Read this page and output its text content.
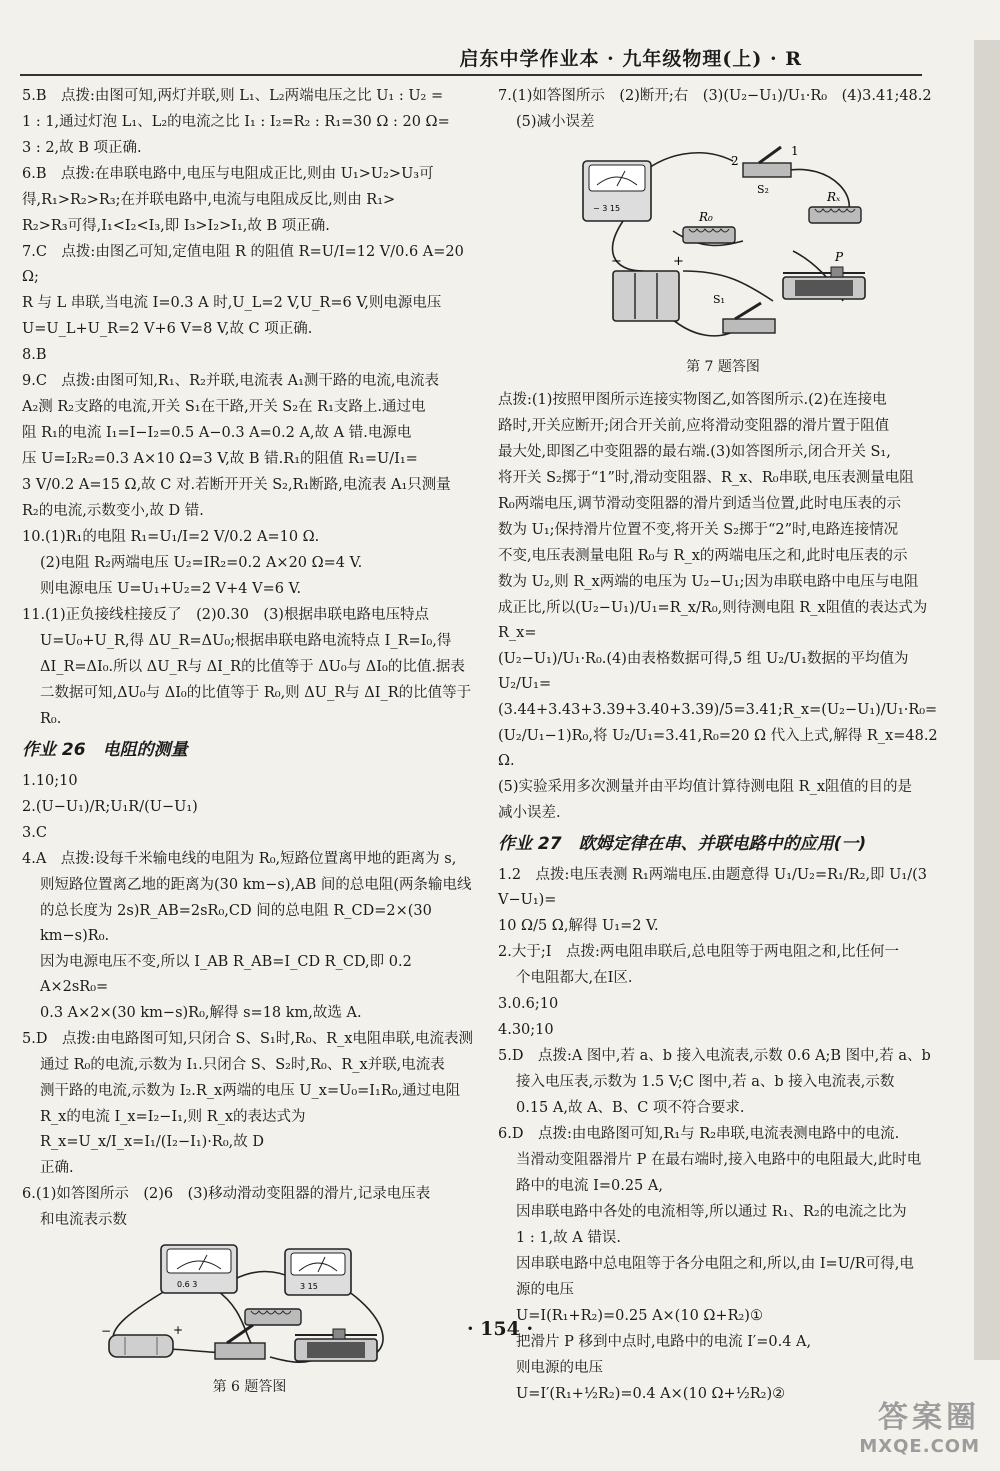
启东中学作业本 · 九年级物理(上) · R

5.B　点拨:由图可知,两灯并联,则 L₁、L₂两端电压之比 U₁ : U₂ =

1 : 1,通过灯泡 L₁、L₂的电流之比 I₁ : I₂=R₂ : R₁=30 Ω : 20 Ω=

3 : 2,故 B 项正确.

6.B　点拨:在串联电路中,电压与电阻成正比,则由 U₁>U₂>U₃可

得,R₁>R₂>R₃;在并联电路中,电流与电阻成反比,则由 R₁>

R₂>R₃可得,I₁<I₂<I₃,即 I₃>I₂>I₁,故 B 项正确.

7.C　点拨:由图乙可知,定值电阻 R 的阻值 R=U/I=12 V/0.6 A=20 Ω;

R 与 L 串联,当电流 I=0.3 A 时,U_L=2 V,U_R=6 V,则电源电压

U=U_L+U_R=2 V+6 V=8 V,故 C 项正确.

8.B

9.C　点拨:由图可知,R₁、R₂并联,电流表 A₁测干路的电流,电流表

A₂测 R₂支路的电流,开关 S₁在干路,开关 S₂在 R₁支路上.通过电

阻 R₁的电流 I₁=I−I₂=0.5 A−0.3 A=0.2 A,故 A 错.电源电

压 U=I₂R₂=0.3 A×10 Ω=3 V,故 B 错.R₁的阻值 R₁=U/I₁=

3 V/0.2 A=15 Ω,故 C 对.若断开开关 S₂,R₁断路,电流表 A₁只测量

R₂的电流,示数变小,故 D 错.

10.(1)R₁的电阻 R₁=U₁/I=2 V/0.2 A=10 Ω.

(2)电阻 R₂两端电压 U₂=IR₂=0.2 A×20 Ω=4 V.

则电源电压 U=U₁+U₂=2 V+4 V=6 V.

11.(1)正负接线柱接反了　(2)0.30　(3)根据串联电路电压特点

U=U₀+U_R,得 ΔU_R=ΔU₀;根据串联电路电流特点 I_R=I₀,得

ΔI_R=ΔI₀.所以 ΔU_R与 ΔI_R的比值等于 ΔU₀与 ΔI₀的比值.据表

二数据可知,ΔU₀与 ΔI₀的比值等于 R₀,则 ΔU_R与 ΔI_R的比值等于

R₀.

作业 26　电阻的测量

1.10;10

2.(U−U₁)/R;U₁R/(U−U₁)

3.C

4.A　点拨:设每千米输电线的电阻为 R₀,短路位置离甲地的距离为 s,

则短路位置离乙地的距离为(30 km−s),AB 间的总电阻(两条输电线

的总长度为 2s)R_AB=2sR₀,CD 间的总电阻 R_CD=2×(30 km−s)R₀.

因为电源电压不变,所以 I_AB R_AB=I_CD R_CD,即 0.2 A×2sR₀=

0.3 A×2×(30 km−s)R₀,解得 s=18 km,故选 A.

5.D　点拨:由电路图可知,只闭合 S、S₁时,R₀、R_x电阻串联,电流表测

通过 R₀的电流,示数为 I₁.只闭合 S、S₂时,R₀、R_x并联,电流表

测干路的电流,示数为 I₂.R_x两端的电压 U_x=U₀=I₁R₀,通过电阻

R_x的电流 I_x=I₂−I₁,则 R_x的表达式为 R_x=U_x/I_x=I₁/(I₂−I₁)·R₀,故 D

正确.

6.(1)如答图所示　(2)6　(3)移动滑动变阻器的滑片,记录电压表

和电流表示数

0.6 3	3 15
−	+
第 6 题答图

7.(1)如答图所示　(2)断开;右　(3)(U₂−U₁)/U₁·R₀　(4)3.41;48.2

(5)减小误差

− 3 15
2
1
S₂
Rₓ
R₀
−	+
S₁
P
第 7 题答图

点拨:(1)按照甲图所示连接实物图乙,如答图所示.(2)在连接电

路时,开关应断开;闭合开关前,应将滑动变阻器的滑片置于阻值

最大处,即图乙中变阻器的最右端.(3)如答图所示,闭合开关 S₁,

将开关 S₂掷于“1”时,滑动变阻器、R_x、R₀串联,电压表测量电阻

R₀两端电压,调节滑动变阻器的滑片到适当位置,此时电压表的示

数为 U₁;保持滑片位置不变,将开关 S₂掷于“2”时,电路连接情况

不变,电压表测量电阻 R₀与 R_x的两端电压之和,此时电压表的示

数为 U₂,则 R_x两端的电压为 U₂−U₁;因为串联电路中电压与电阻

成正比,所以(U₂−U₁)/U₁=R_x/R₀,则待测电阻 R_x阻值的表达式为 R_x=

(U₂−U₁)/U₁·R₀.(4)由表格数据可得,5 组 U₂/U₁数据的平均值为 U₂/U₁=

(3.44+3.43+3.39+3.40+3.39)/5=3.41;R_x=(U₂−U₁)/U₁·R₀=

(U₂/U₁−1)R₀,将 U₂/U₁=3.41,R₀=20 Ω 代入上式,解得 R_x=48.2 Ω.

(5)实验采用多次测量并由平均值计算待测电阻 R_x阻值的目的是

减小误差.

作业 27　欧姆定律在串、并联电路中的应用(一)

1.2　点拨:电压表测 R₁两端电压.由题意得 U₁/U₂=R₁/R₂,即 U₁/(3 V−U₁)=

10 Ω/5 Ω,解得 U₁=2 V.

2.大于;Ⅰ　点拨:两电阻串联后,总电阻等于两电阻之和,比任何一

个电阻都大,在Ⅰ区.

3.0.6;10

4.30;10

5.D　点拨:A 图中,若 a、b 接入电流表,示数 0.6 A;B 图中,若 a、b

接入电压表,示数为 1.5 V;C 图中,若 a、b 接入电流表,示数

0.15 A,故 A、B、C 项不符合要求.

6.D　点拨:由电路图可知,R₁与 R₂串联,电流表测电路中的电流.

当滑动变阻器滑片 P 在最右端时,接入电路中的电阻最大,此时电

路中的电流 I=0.25 A,

因串联电路中各处的电流相等,所以通过 R₁、R₂的电流之比为

1 : 1,故 A 错误.

因串联电路中总电阻等于各分电阻之和,所以,由 I=U/R可得,电

源的电压

U=I(R₁+R₂)=0.25 A×(10 Ω+R₂)①

把滑片 P 移到中点时,电路中的电流 I′=0.4 A,

则电源的电压

U=I′(R₁+½R₂)=0.4 A×(10 Ω+½R₂)②

· 154 ·
答案圈
MXQE.COM
